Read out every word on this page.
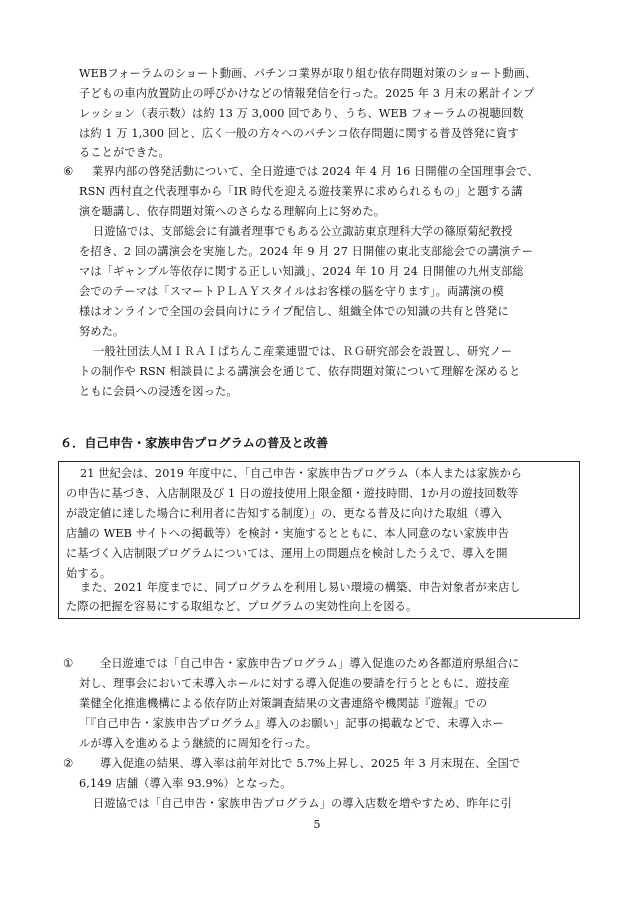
WEBフォーラムのショート動画、パチンコ業界が取り組む依存問題対策のショート動画、
子どもの車内放置防止の呼びかけなどの情報発信を行った。2025 年 3 月末の累計インプ
レッション（表示数）は約 13 万 3,000 回であり、うち、WEB フォーラムの視聴回数
は約 1 万 1,300 回と、広く一般の方々へのパチンコ依存問題に関する普及啓発に資す
ることができた。
⑥ 業界内部の啓発活動について、全日遊連では 2024 年 4 月 16 日開催の全国理事会で、
RSN 西村直之代表理事から「IR 時代を迎える遊技業界に求められるもの」と題する講
演を聴講し、依存問題対策へのさらなる理解向上に努めた。
日遊協では、支部総会に有識者理事でもある公立諏訪東京理科大学の篠原菊紀教授
を招き、2 回の講演会を実施した。2024 年 9 月 27 日開催の東北支部総会での講演テー
マは「ギャンブル等依存に関する正しい知識」、2024 年 10 月 24 日開催の九州支部総
会でのテーマは「スマートＰＬＡＹスタイルはお客様の脳を守ります」。両講演の模
様はオンラインで全国の会員向けにライブ配信し、組織全体での知識の共有と啓発に
努めた。
一般社団法人ＭＩＲＡＩぱちんこ産業連盟では、ＲＧ研究部会を設置し、研究ノー
トの制作や RSN 相談員による講演会を通じて、依存問題対策について理解を深めると
ともに会員への浸透を図った。
６．自己申告・家族申告プログラムの普及と改善
21 世紀会は、2019 年度中に、「自己申告・家族申告プログラム（本人または家族から
の申告に基づき、入店制限及び 1 日の遊技使用上限金額・遊技時間、1か月の遊技回数等
が設定値に達した場合に利用者に告知する制度）」の、更なる普及に向けた取組（導入
店舗の WEB サイトへの掲載等）を検討・実施するとともに、本人同意のない家族申告
に基づく入店制限プログラムについては、運用上の問題点を検討したうえで、導入を開
始する。
また、2021 年度までに、同プログラムを利用し易い環境の構築、申告対象者が来店し
た際の把握を容易にする取組など、プログラムの実効性向上を図る。
① 全日遊連では「自己申告・家族申告プログラム」導入促進のため各都道府県組合に
対し、理事会において未導入ホールに対する導入促進の要請を行うとともに、遊技産
業健全化推進機構による依存防止対策調査結果の文書連絡や機関誌『遊報』での
「『自己申告・家族申告プログラム』導入のお願い」記事の掲載などで、未導入ホー
ルが導入を進めるよう継続的に周知を行った。
② 導入促進の結果、導入率は前年対比で 5.7%上昇し、2025 年 3 月末現在、全国で
6,149 店舗（導入率 93.9%）となった。
日遊協では「自己申告・家族申告プログラム」の導入店数を増やすため、昨年に引
5
